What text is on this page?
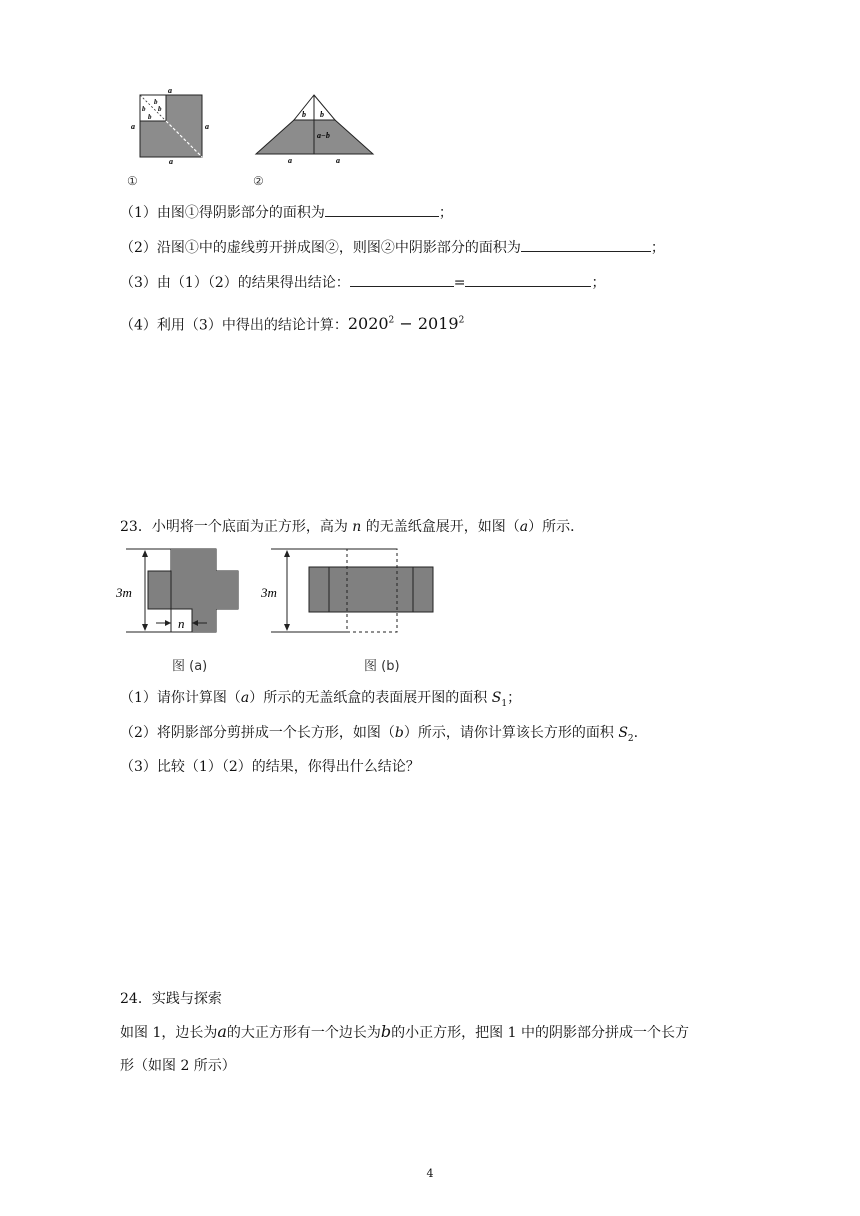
a
a	a
a
b
b b
b
①
b b
a−b
a	a
②
（1）由图①得阴影部分的面积为	；
（2）沿图①中的虚线剪开拼成图②，则图②中阴影部分的面积为	；
（3）由（1）（2）的结果得出结论：	=	；
（4）利用（3）中得出的结论计算：$2020^2 - 2019^2$
23．小明将一个底面为正方形，高为 n 的无盖纸盒展开，如图（a）所示．
3m
n
3m
图 (a)	图 (b)
（1）请你计算图（a）所示的无盖纸盒的表面展开图的面积 $S_1$；
（2）将阴影部分剪拼成一个长方形，如图（b）所示，请你计算该长方形的面积 $S_2$.
（3）比较（1）（2）的结果，你得出什么结论？
24．实践与探索
如图 1，边长为a的大正方形有一个边长为b的小正方形，把图 1 中的阴影部分拼成一个长方
形（如图 2 所示）
4
